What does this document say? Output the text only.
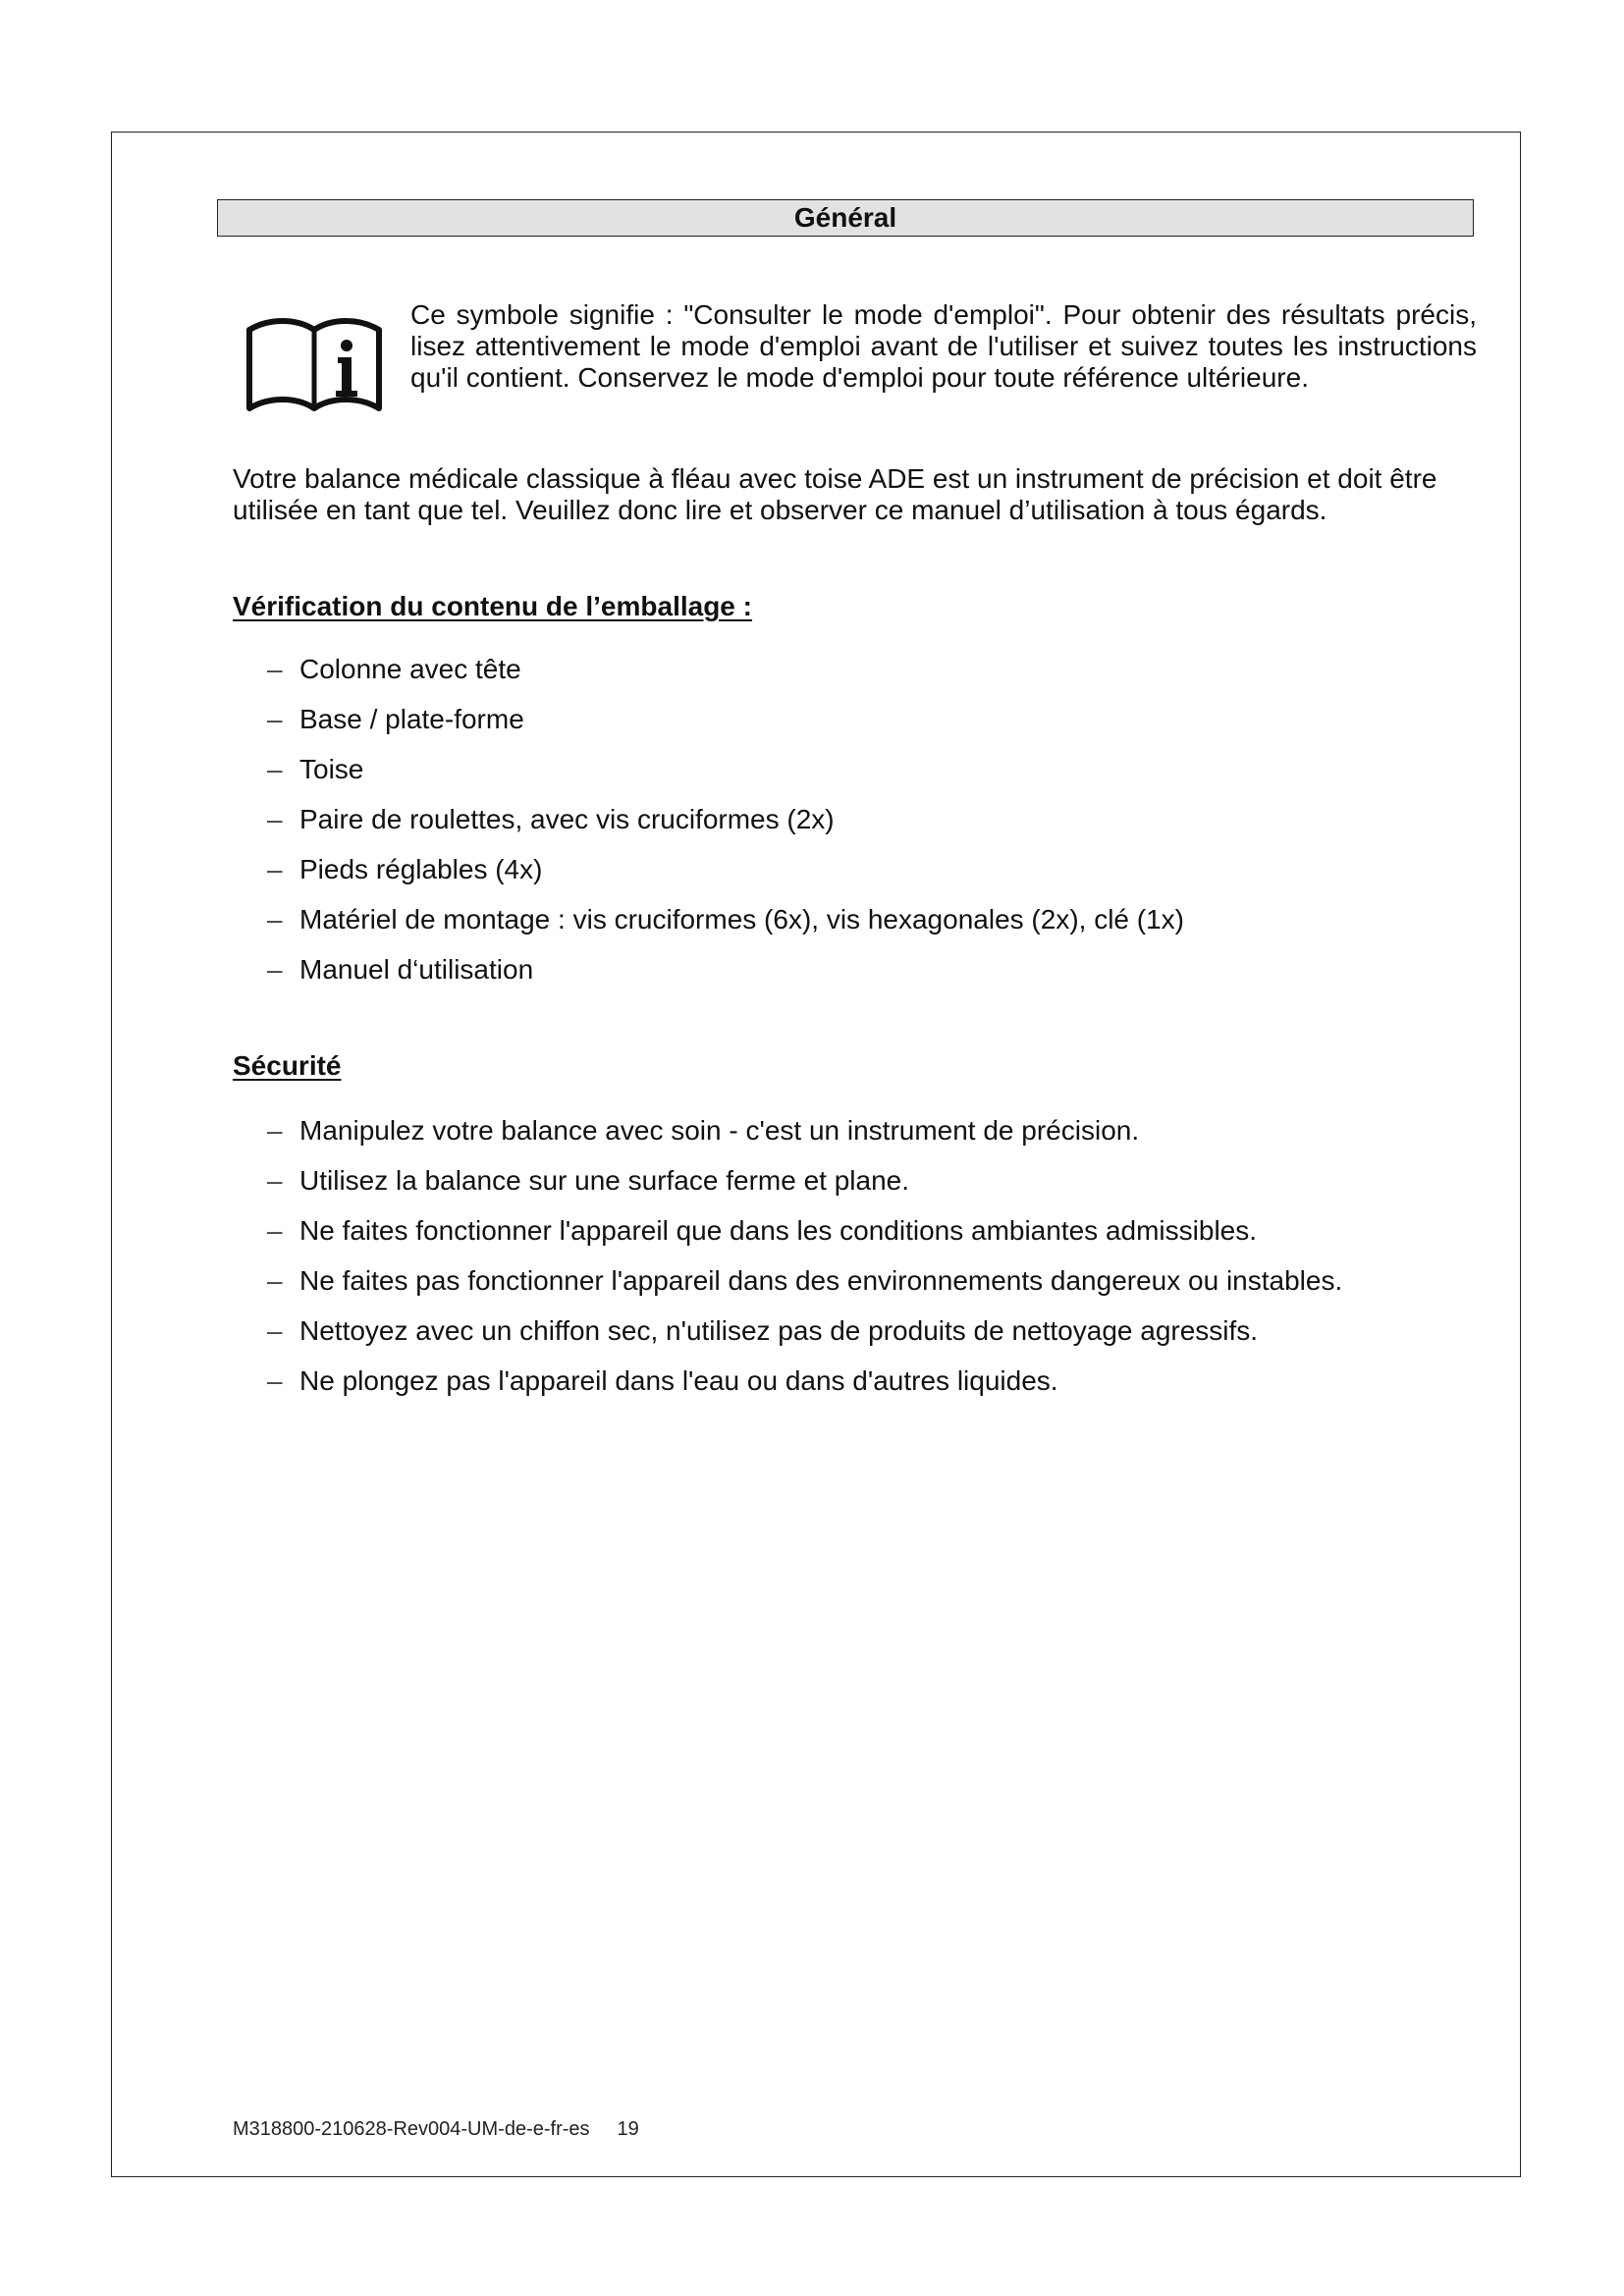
Général
Ce symbole signifie : "Consulter le mode d'emploi". Pour obtenir des résultats précis, lisez attentivement le mode d'emploi avant de l'utiliser et suivez toutes les instructions qu'il contient. Conservez le mode d'emploi pour toute référence ultérieure.
Votre balance médicale classique à fléau avec toise ADE est un instrument de précision et doit être utilisée en tant que tel. Veuillez donc lire et observer ce manuel d’utilisation à tous égards.
Vérification du contenu de l’emballage :
– Colonne avec tête
– Base / plate-forme
– Toise
– Paire de roulettes, avec vis cruciformes (2x)
– Pieds réglables (4x)
– Matériel de montage : vis cruciformes (6x), vis hexagonales (2x), clé (1x)
– Manuel d‘utilisation
Sécurité
– Manipulez votre balance avec soin - c'est un instrument de précision.
– Utilisez la balance sur une surface ferme et plane.
– Ne faites fonctionner l'appareil que dans les conditions ambiantes admissibles.
– Ne faites pas fonctionner l'appareil dans des environnements dangereux ou instables.
– Nettoyez avec un chiffon sec, n'utilisez pas de produits de nettoyage agressifs.
– Ne plongez pas l'appareil dans l'eau ou dans d'autres liquides.
M318800-210628-Rev004-UM-de-e-fr-es 19
